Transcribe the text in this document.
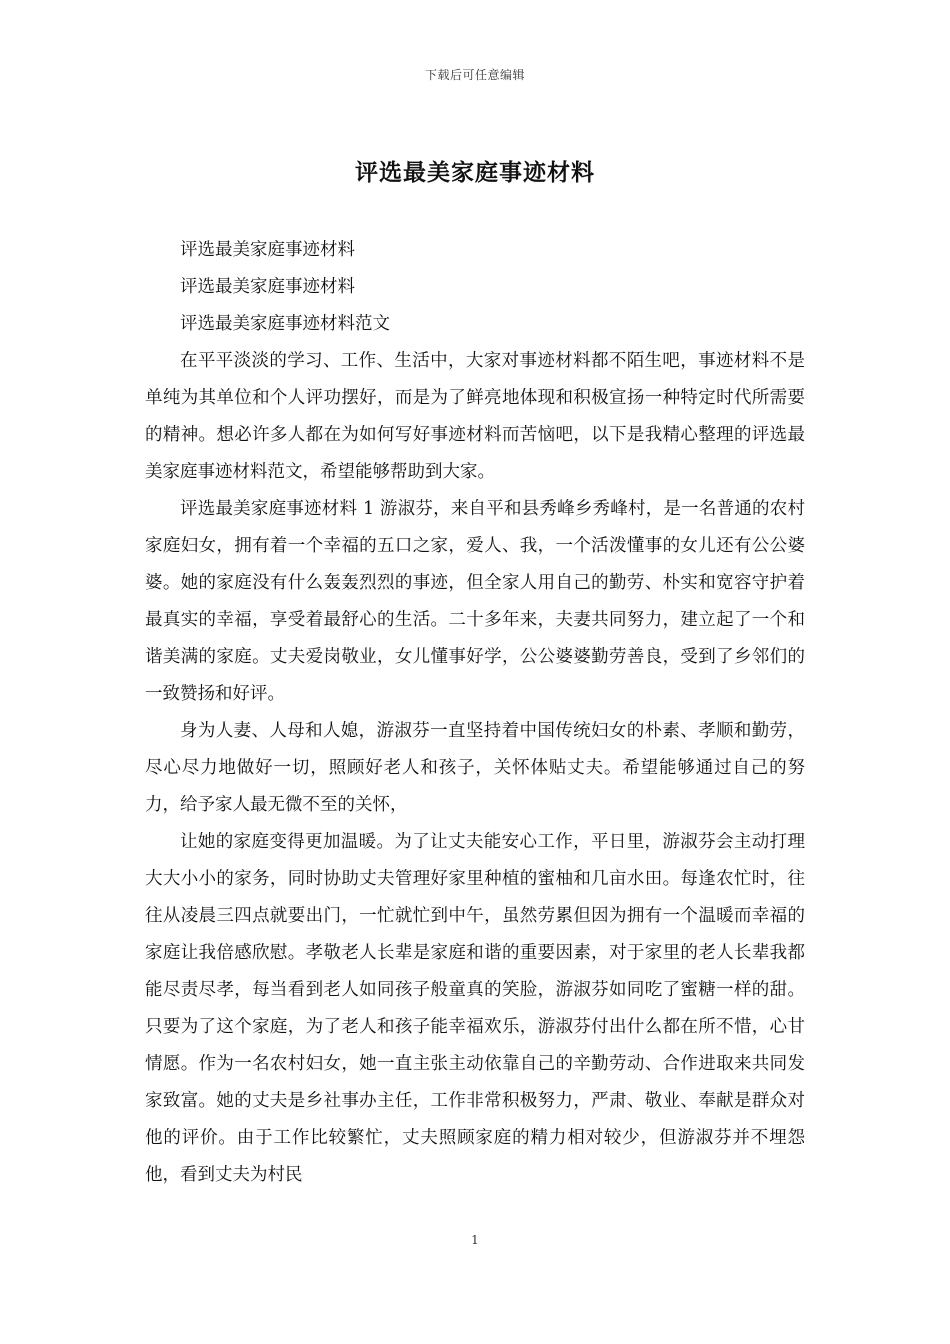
下载后可任意编辑
评选最美家庭事迹材料

评选最美家庭事迹材料

评选最美家庭事迹材料

评选最美家庭事迹材料范文

在平平淡淡的学习、工作、生活中，大家对事迹材料都不陌生吧，事迹材料不是单纯为其单位和个人评功摆好，而是为了鲜亮地体现和积极宣扬一种特定时代所需要的精神。想必许多人都在为如何写好事迹材料而苦恼吧，以下是我精心整理的评选最美家庭事迹材料范文，希望能够帮助到大家。

评选最美家庭事迹材料 1 游淑芬，来自平和县秀峰乡秀峰村，是一名普通的农村家庭妇女，拥有着一个幸福的五口之家，爱人、我，一个活泼懂事的女儿还有公公婆婆。她的家庭没有什么轰轰烈烈的事迹，但全家人用自己的勤劳、朴实和宽容守护着最真实的幸福，享受着最舒心的生活。二十多年来，夫妻共同努力，建立起了一个和谐美满的家庭。丈夫爱岗敬业，女儿懂事好学，公公婆婆勤劳善良，受到了乡邻们的一致赞扬和好评。

身为人妻、人母和人媳，游淑芬一直坚持着中国传统妇女的朴素、孝顺和勤劳，尽心尽力地做好一切，照顾好老人和孩子，关怀体贴丈夫。希望能够通过自己的努力，给予家人最无微不至的关怀，

让她的家庭变得更加温暖。为了让丈夫能安心工作，平日里，游淑芬会主动打理大大小小的家务，同时协助丈夫管理好家里种植的蜜柚和几亩水田。每逢农忙时，往往从凌晨三四点就要出门，一忙就忙到中午，虽然劳累但因为拥有一个温暖而幸福的家庭让我倍感欣慰。孝敬老人长辈是家庭和谐的重要因素，对于家里的老人长辈我都能尽责尽孝，每当看到老人如同孩子般童真的笑脸，游淑芬如同吃了蜜糖一样的甜。只要为了这个家庭，为了老人和孩子能幸福欢乐，游淑芬付出什么都在所不惜，心甘情愿。作为一名农村妇女，她一直主张主动依靠自己的辛勤劳动、合作进取来共同发家致富。她的丈夫是乡社事办主任，工作非常积极努力，严肃、敬业、奉献是群众对他的评价。由于工作比较繁忙，丈夫照顾家庭的精力相对较少，但游淑芬并不埋怨他，看到丈夫为村民

1
